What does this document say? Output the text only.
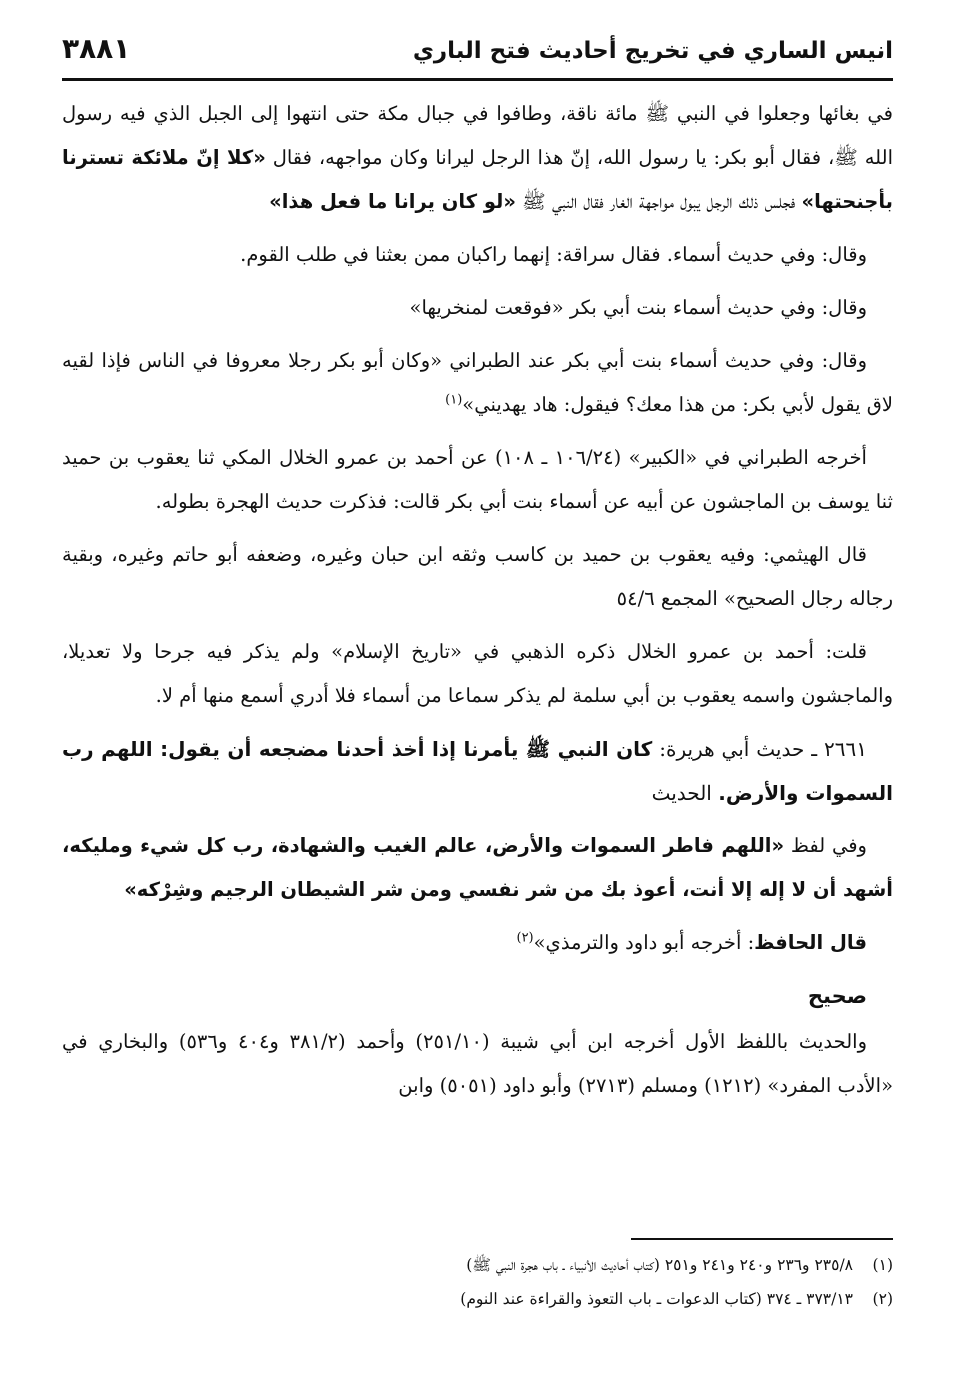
انيس الساري في تخريج أحاديث فتح الباري
٣٨٨١

في بغائها وجعلوا في النبي ﷺ مائة ناقة، وطافوا في جبال مكة حتى انتهوا إلى الجبل الذي فيه رسول الله ﷺ، فقال أبو بكر: يا رسول الله، إنّ هذا الرجل ليرانا وكان مواجهه، فقال «كلا إنّ ملائكة تسترنا بأجنحتها» فجلس ذلك الرجل يبول مواجهة الغار فقال النبي ﷺ «لو كان يرانا ما فعل هذا»

وقال: وفي حديث أسماء. فقال سراقة: إنهما راكبان ممن بعثنا في طلب القوم.

وقال: وفي حديث أسماء بنت أبي بكر «فوقعت لمنخريها»

وقال: وفي حديث أسماء بنت أبي بكر عند الطبراني «وكان أبو بكر رجلا معروفا في الناس فإذا لقيه لاق يقول لأبي بكر: من هذا معك؟ فيقول: هاد يهديني»$^{(١)}$

أخرجه الطبراني في «الكبير» (١٠٦/٢٤ ـ ١٠٨) عن أحمد بن عمرو الخلال المكي ثنا يعقوب بن حميد ثنا يوسف بن الماجشون عن أبيه عن أسماء بنت أبي بكر قالت: فذكرت حديث الهجرة بطوله.

قال الهيثمي: وفيه يعقوب بن حميد بن كاسب وثقه ابن حبان وغيره، وضعفه أبو حاتم وغيره، وبقية رجاله رجال الصحيح» المجمع ٥٤/٦

قلت: أحمد بن عمرو الخلال ذكره الذهبي في «تاريخ الإسلام» ولم يذكر فيه جرحا ولا تعديلا، والماجشون واسمه يعقوب بن أبي سلمة لم يذكر سماعا من أسماء فلا أدري أسمع منها أم لا.

٢٦٦١ ـ حديث أبي هريرة: كان النبي ﷺ يأمرنا إذا أخذ أحدنا مضجعه أن يقول: اللهم رب السموات والأرض. الحديث

وفي لفظ «اللهم فاطر السموات والأرض، عالم الغيب والشهادة، رب كل شيء ومليكه، أشهد أن لا إله إلا أنت، أعوذ بك من شر نفسي ومن شر الشيطان الرجيم وشِرْكه»

قال الحافظ: أخرجه أبو داود والترمذي»$^{(٢)}$

صحيح

والحديث باللفظ الأول أخرجه ابن أبي شيبة (٢٥١/١٠) وأحمد (٣٨١/٢ و٤٠٤ و٥٣٦) والبخاري في «الأدب المفرد» (١٢١٢) ومسلم (٢٧١٣) وأبو داود (٥٠٥١) وابن

(١)٢٣٥/٨ و٢٣٦ و٢٤٠ و٢٤١ و٢٥١ (كتاب أحاديث الأنبياء ـ باب هجرة النبي ﷺ)
(٢)٣٧٣/١٣ ـ ٣٧٤ (كتاب الدعوات ـ باب التعوذ والقراءة عند النوم)
